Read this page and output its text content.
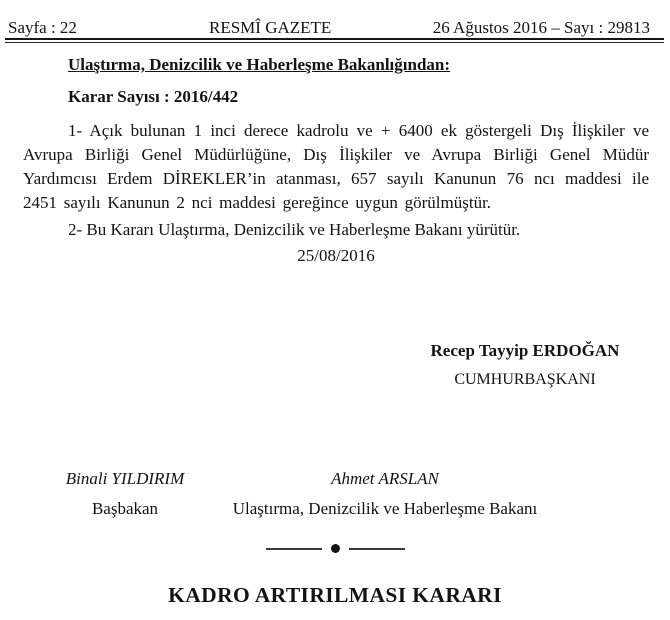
Sayfa : 22	RESMÎ GAZETE	26 Ağustos 2016 – Sayı : 29813
Ulaştırma, Denizcilik ve Haberleşme Bakanlığından:
Karar Sayısı : 2016/442
1- Açık bulunan 1 inci derece kadrolu ve + 6400 ek göstergeli Dış İlişkiler ve Avrupa Birliği Genel Müdürlüğüne, Dış İlişkiler ve Avrupa Birliği Genel Müdür Yardımcısı Erdem DİREKLER’in atanması, 657 sayılı Kanunun 76 ncı maddesi ile 2451 sayılı Kanunun 2 nci maddesi gereğince uygun görülmüştür.
2- Bu Kararı Ulaştırma, Denizcilik ve Haberleşme Bakanı yürütür.
25/08/2016
Recep Tayyip ERDOĞAN
CUMHURBAŞKANI
Binali YILDIRIM
Başbakan
Ahmet ARSLAN
Ulaştırma, Denizcilik ve Haberleşme Bakanı
KADRO ARTIRILMASI KARARI
